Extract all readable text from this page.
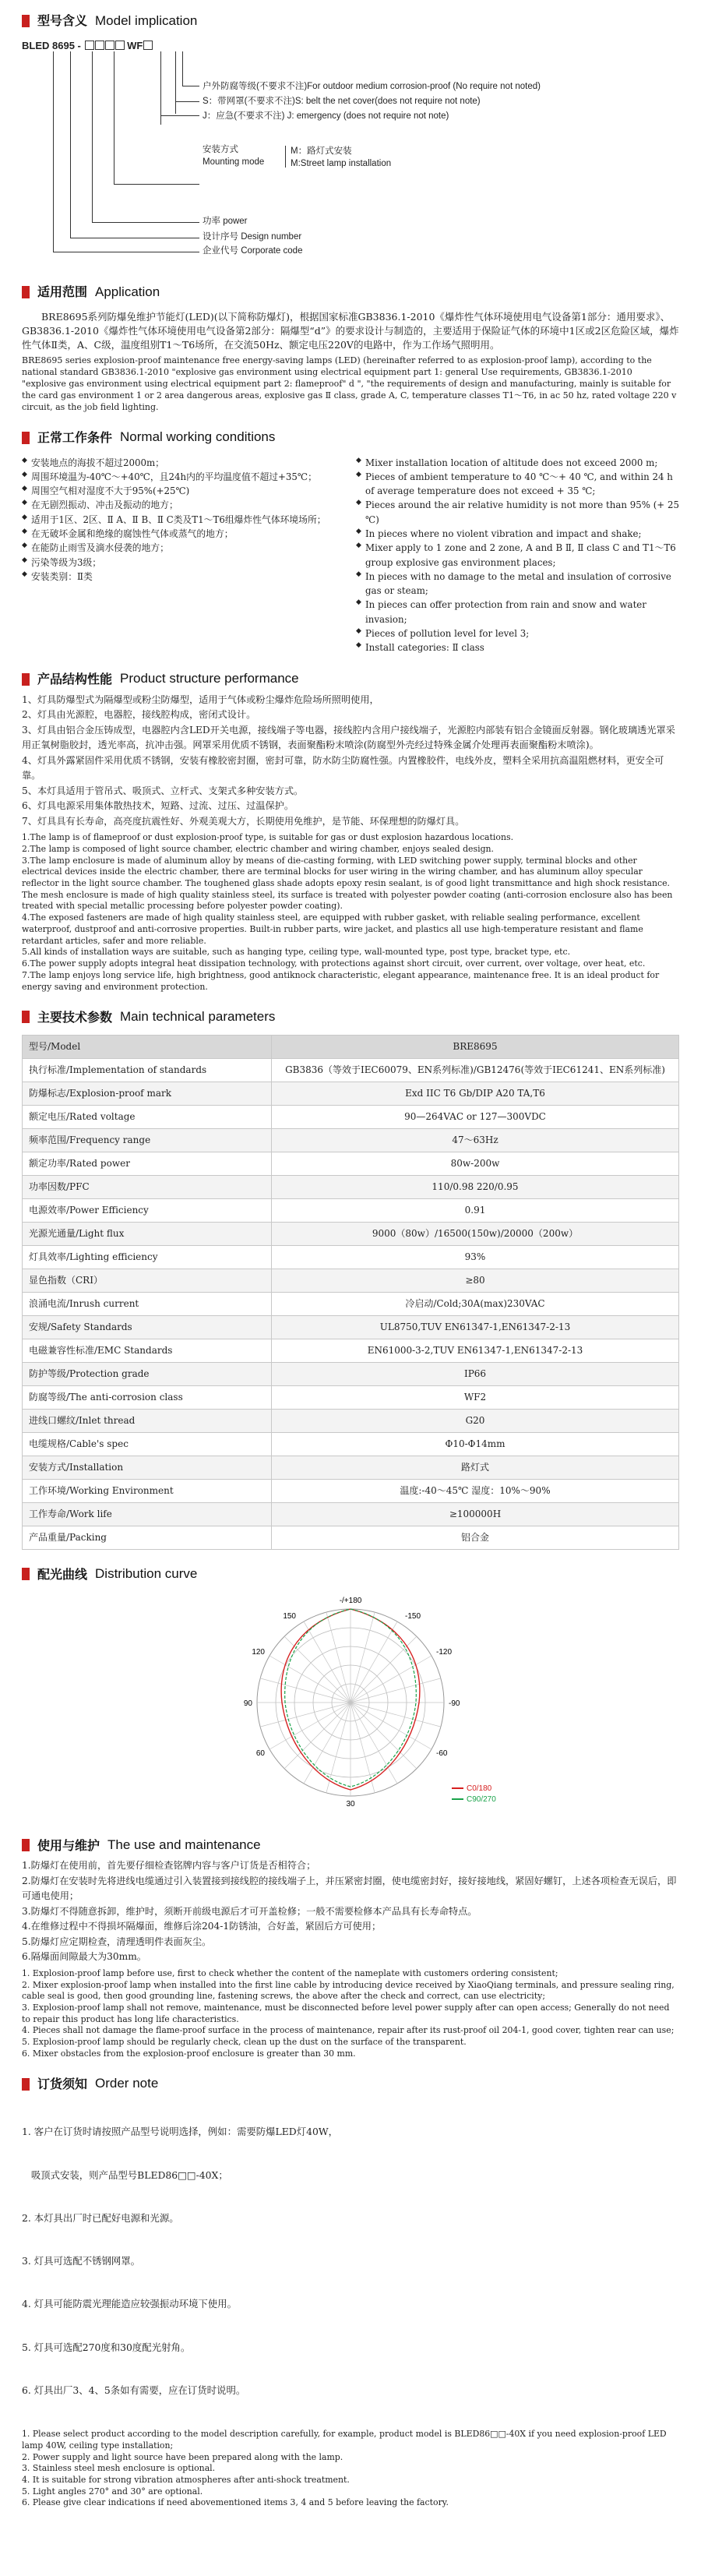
型号含义 Model implication
BLED 8695 -	WF
户外防腐等级(不要求不注)For outdoor medium corrosion-proof (No require not noted)
S：带网罩(不要求不注)S: belt the net cover(does not require not note)
J：应急(不要求不注) J: emergency (does not require not note)
安装方式
Mounting mode
M：路灯式安装
M:Street lamp installation
功率 power
设计序号 Design number
企业代号 Corporate code
适用范围 Application

BRE8695系列防爆免维护节能灯(LED)(以下简称防爆灯)，根据国家标准GB3836.1-2010《爆炸性气体环境使用电气设备第1部分：通用要求》、GB3836.1-2010《爆炸性气体环境使用电气设备第2部分：隔爆型“d”》的要求设计与制造的，主要适用于保险证气体的环境中1区或2区危险区域，爆炸性气体Ⅱ类，A、C级，温度组别T1～T6场所，在交流50Hz、额定电压220V的电路中，作为工作场气照明用。

BRE8695 series explosion-proof maintenance free energy-saving lamps (LED) (hereinafter referred to as explosion-proof lamp), according to the national standard GB3836.1-2010 "explosive gas environment using electrical equipment part 1: general Use requirements, GB3836.1-2010 "explosive gas environment using electrical equipment part 2: flameproof" d ", "the requirements of design and manufacturing, mainly is suitable for the card gas environment 1 or 2 area dangerous areas, explosive gas Ⅱ class, grade A, C, temperature classes T1～T6, in ac 50 hz, rated voltage 220 v circuit, as the job field lighting.

正常工作条件 Normal working conditions
◆ 安装地点的海拔不超过2000m；
◆ 周围环境温为-40℃～+40℃，且24h内的平均温度值不超过+35℃；
◆ 周围空气相对湿度不大于95%(+25℃)
◆ 在无剧烈振动、冲击及振动的地方；
◆ 适用于1区、2区、Ⅱ A、Ⅱ B、Ⅱ C类及T1～T6组爆炸性气体环境场所；
◆ 在无破坏金属和绝缘的腐蚀性气体或蒸气的地方；
◆ 在能防止雨雪及滴水侵袭的地方；
◆ 污染等级为3级；
◆ 安装类别：Ⅱ类
◆ Mixer installation location of altitude does not exceed 2000 m;
◆ Pieces of ambient temperature to 40 ℃～+ 40 ℃, and within 24 h of average temperature does not exceed + 35 ℃;
◆ Pieces around the air relative humidity is not more than 95% (+ 25 ℃)
◆ In pieces where no violent vibration and impact and shake;
◆ Mixer apply to 1 zone and 2 zone, A and B Ⅱ, Ⅱ class C and T1～T6 group explosive gas environment places;
◆ In pieces with no damage to the metal and insulation of corrosive gas or steam;
◆ In pieces can offer protection from rain and snow and water invasion;
◆ Pieces of pollution level for level 3;
◆ Install categories: Ⅱ class
产品结构性能 Product structure performance
1、灯具防爆型式为隔爆型或粉尘防爆型，适用于气体或粉尘爆炸危险场所照明使用，
2、灯具由光源腔，电器腔，接线腔构成，密闭式设计。
3、灯具由铝合金压铸成型，电器腔内含LED开关电源，接线端子等电器，接线腔内含用户接线端子，光源腔内部装有铝合金镜面反射器。钢化玻璃透光罩采用正氧树脂胶封，透光率高，抗冲击强。网罩采用优质不锈钢，表面聚酯粉末喷涂(防腐型外壳经过特殊金属介处理再表面聚酯粉末喷涂)。
4、灯具外露紧固件采用优质不锈钢，安装有橡胶密封圈，密封可靠，防水防尘防腐性强。内置橡胶件，电线外皮，塑料全采用抗高温阻燃材料，更安全可靠。
5、本灯具适用于管吊式、吸顶式、立杆式、支架式多种安装方式。
6、灯具电源采用集体散热技术，短路、过流、过压、过温保护。
7、灯具具有长寿命，高亮度抗震性好、外观美观大方，长期使用免维护，是节能、环保理想的防爆灯具。
1.The lamp is of flameproof or dust explosion-proof type, is suitable for gas or dust explosion hazardous locations.
2.The lamp is composed of light source chamber, electric chamber and wiring chamber, enjoys sealed design.
3.The lamp enclosure is made of aluminum alloy by means of die-casting forming, with LED switching power supply, terminal blocks and other electrical devices inside the electric chamber, there are terminal blocks for user wiring in the wiring chamber, and has aluminum alloy specular reflector in the light source chamber. The toughened glass shade adopts epoxy resin sealant, is of good light transmittance and high shock resistance. The mesh enclosure is made of high quality stainless steel, its surface is treated with polyester powder coating (anti-corrosion enclosure also has been treated with special metallic processing before polyester powder coating).
4.The exposed fasteners are made of high quality stainless steel, are equipped with rubber gasket, with reliable sealing performance, excellent waterproof, dustproof and anti-corrosive properties. Built-in rubber parts, wire jacket, and plastics all use high-temperature resistant and flame retardant articles, safer and more reliable.
5.All kinds of installation ways are suitable, such as hanging type, ceiling type, wall-mounted type, post type, bracket type, etc.
6.The power supply adopts integral heat dissipation technology, with protections against short circuit, over current, over voltage, over heat, etc.
7.The lamp enjoys long service life, high brightness, good antiknock characteristic, elegant appearance, maintenance free. It is an ideal product for energy saving and environment protection.
主要技术参数 Main technical parameters
型号/Model	BRE8695
执行标准/Implementation of standards	GB3836（等效于IEC60079、EN系列标准)/GB12476(等效于IEC61241、EN系列标准)
防爆标志/Explosion-proof mark	Exd IIC T6 Gb/DIP A20 TA,T6
额定电压/Rated voltage	90—264VAC or 127—300VDC
频率范围/Frequency range	47～63Hz
额定功率/Rated power	80w-200w
功率因数/PFC	110/0.98 220/0.95
电源效率/Power Efficiency	0.91
光源光通量/Light flux	9000（80w）/16500(150w)/20000（200w）
灯具效率/Lighting efficiency	93%
显色指数（CRI）	≥80
浪涌电流/Inrush current	冷启动/Cold;30A(max)230VAC
安规/Safety Standards	UL8750,TUV EN61347-1,EN61347-2-13
电磁兼容性标准/EMC Standards	EN61000-3-2,TUV EN61347-1,EN61347-2-13
防护等级/Protection grade	IP66
防腐等级/The anti-corrosion class	WF2
进线口螺纹/Inlet thread	G20
电缆规格/Cable's spec	Φ10-Φ14mm
安装方式/Installation	路灯式
工作环境/Working Environment	温度:-40～45℃ 湿度：10%～90%
工作寿命/Work life	≥100000H
产品重量/Packing	铝合金
配光曲线 Distribution curve
-/+180
150	-150
120	-120
90	-90
60	-60
30
C0/180
C90/270
使用与维护 The use and maintenance
1.防爆灯在使用前，首先要仔细检查铭牌内容与客户订货是否相符合；
2.防爆灯在安装时先将进线电缆通过引入装置接到接线腔的接线端子上，并压紧密封圈，使电缆密封好，接好接地线，紧固好螺钉，上述各项检查无误后，即可通电使用；
3.防爆灯不得随意拆卸，维护时，须断开前级电源后才可开盖检修；一般不需要检修本产品具有长寿命特点。
4.在维修过程中不得损坏隔爆面，维修后涂204-1防锈油，合好盖，紧固后方可使用；
5.防爆灯应定期检查，清理透明件表面灰尘。
6.隔爆面间隙最大为30mm。
1. Explosion-proof lamp before use, first to check whether the content of the nameplate with customers ordering consistent;
2. Mixer explosion-proof lamp when installed into the first line cable by introducing device received by XiaoQiang terminals, and pressure sealing ring, cable seal is good, then good grounding line, fastening screws, the above after the check and correct, can use electricity;
3. Explosion-proof lamp shall not remove, maintenance, must be disconnected before level power supply after can open access; Generally do not need to repair this product has long life characteristics.
4. Pieces shall not damage the flame-proof surface in the process of maintenance, repair after its rust-proof oil 204-1, good cover, tighten rear can use;
5. Explosion-proof lamp should be regularly check, clean up the dust on the surface of the transparent.
6. Mixer obstacles from the explosion-proof enclosure is greater than 30 mm.
订货须知 Order note

1. 客户在订货时请按照产品型号说明选择，例如：需要防爆LED灯40W，

吸顶式安装，则产品型号BLED86□□-40X；

2. 本灯具出厂时已配好电源和光源。

3. 灯具可选配不锈钢网罩。

4. 灯具可能防震光理能造应较强振动环境下使用。

5. 灯具可选配270度和30度配光射角。

6. 灯具出厂3、4、5条如有需要，应在订货时说明。

1. Please select product according to the model description carefully, for example, product model is BLED86□□-40X if you need explosion-proof LED lamp 40W, ceiling type installation;
2. Power supply and light source have been prepared along with the lamp.
3. Stainless steel mesh enclosure is optional.
4. It is suitable for strong vibration atmospheres after anti-shock treatment.
5. Light angles 270° and 30° are optional.
6. Please give clear indications if need abovementioned items 3, 4 and 5 before leaving the factory.
